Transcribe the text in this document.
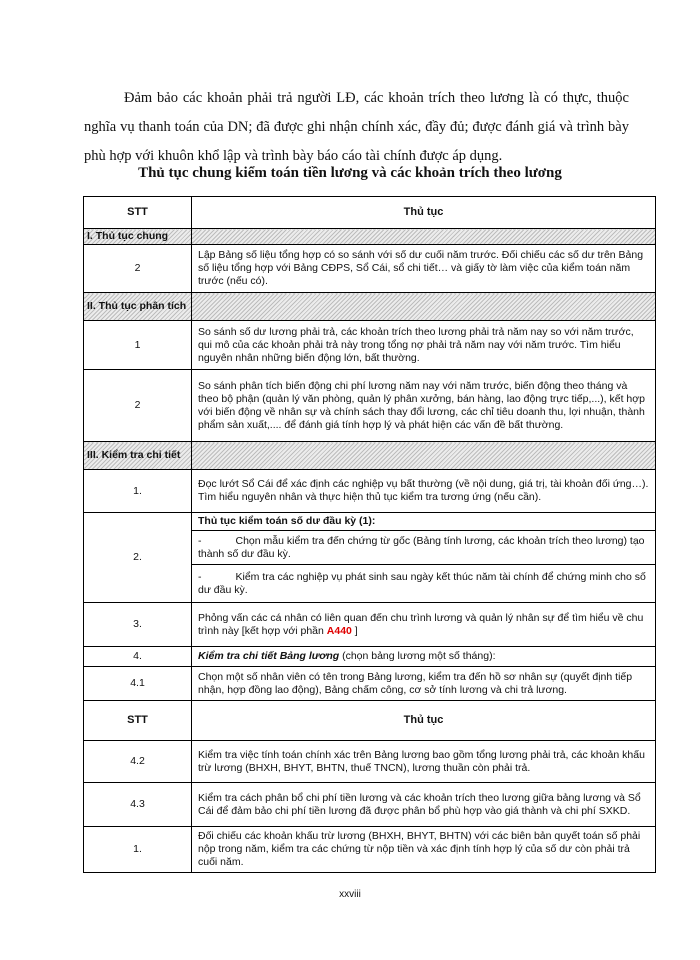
Đảm bảo các khoản phải trả người LĐ, các khoản trích theo lương là có thực, thuộc nghĩa vụ thanh toán của DN; đã được ghi nhận chính xác, đầy đủ; được đánh giá và trình bày phù hợp với khuôn khổ lập và trình bày báo cáo tài chính được áp dụng.

Thủ tục chung kiểm toán tiền lương và các khoản trích theo lương

STT	Thủ tục
I. Thủ tục chung	
2	Lập Bảng số liệu tổng hợp có so sánh với số dư cuối năm trước. Đối chiếu các số dư trên Bảng số liệu tổng hợp với Bảng CĐPS, Sổ Cái, sổ chi tiết… và giấy tờ làm việc của kiểm toán năm trước (nếu có).
II. Thủ tục phân tích	
1	So sánh số dư lương phải trả, các khoản trích theo lương phải trả năm nay so với năm trước, qui mô của các khoản phải trả này trong tổng nợ phải trả năm nay với năm trước. Tìm hiểu nguyên nhân những biến động lớn, bất thường.
2	So sánh phân tích biến động chi phí lương năm nay với năm trước, biến động theo tháng và theo bộ phận (quản lý văn phòng, quản lý phân xưởng, bán hàng, lao động trực tiếp,...), kết hợp với biến động về nhân sự và chính sách thay đổi lương, các chỉ tiêu doanh thu, lợi nhuận, thành phẩm sản xuất,.... để đánh giá tính hợp lý và phát hiện các vấn đề bất thường.
III. Kiểm tra chi tiết	
1.	Đọc lướt Sổ Cái để xác định các nghiệp vụ bất thường (về nội dung, giá trị, tài khoản đối ứng…). Tìm hiểu nguyên nhân và thực hiện thủ tục kiểm tra tương ứng (nếu cần).
2.	Thủ tục kiểm toán số dư đầu kỳ (1):
	- Chọn mẫu kiểm tra đến chứng từ gốc (Bảng tính lương, các khoản trích theo lương) tạo thành số dư đầu kỳ.
	- Kiểm tra các nghiệp vụ phát sinh sau ngày kết thúc năm tài chính để chứng minh cho số dư đầu kỳ.
3.	Phỏng vấn các cá nhân có liên quan đến chu trình lương và quản lý nhân sự để tìm hiểu về chu trình này [kết hợp với phần A440 ]
4.	Kiểm tra chi tiết Bảng lương (chọn bảng lương một số tháng):
4.1	Chọn một số nhân viên có tên trong Bảng lương, kiểm tra đến hồ sơ nhân sự (quyết định tiếp nhận, hợp đồng lao động), Bảng chấm công, cơ sở tính lương và chi trả lương.
STT	Thủ tục
4.2	Kiểm tra việc tính toán chính xác trên Bảng lương bao gồm tổng lương phải trả, các khoản khấu trừ lương (BHXH, BHYT, BHTN, thuế TNCN), lương thuần còn phải trả.
4.3	Kiểm tra cách phân bổ chi phí tiền lương và các khoản trích theo lương giữa bảng lương và Sổ Cái để đảm bảo chi phí tiền lương đã được phân bổ phù hợp vào giá thành và chi phí SXKD.
1.	Đối chiếu các khoản khấu trừ lương (BHXH, BHYT, BHTN) với các biên bản quyết toán số phải nộp trong năm, kiểm tra các chứng từ nộp tiền và xác định tính hợp lý của số dư còn phải trả cuối năm.
xxviii
